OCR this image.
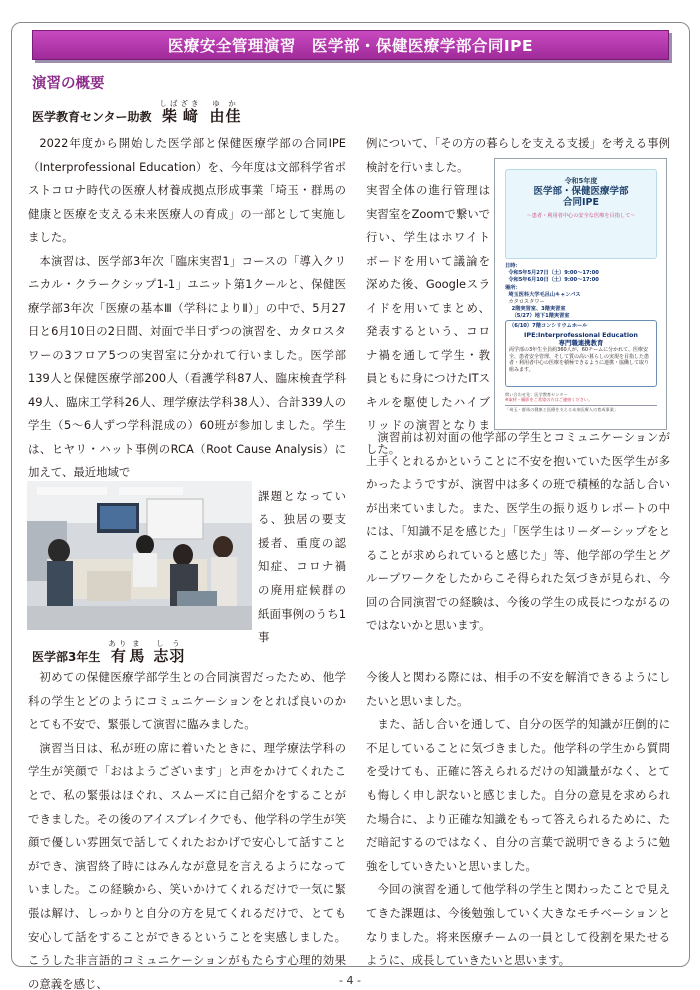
医療安全管理演習　医学部・保健医療学部合同IPE
演習の概要
医学教育センター助教 柴しば
﨑ざき
由ゆ
佳か

2022年度から開始した医学部と保健医療学部の合同IPE（Interprofessional Education）を、今年度は文部科学省ポストコロナ時代の医療人材養成拠点形成事業「埼玉・群馬の健康と医療を支える未来医療人の育成」の一部として実施しました。

本演習は、医学部3年次「臨床実習1」コースの「導入クリニカル・クラークシップ1-1」ユニット第1クールと、保健医療学部3年次「医療の基本Ⅲ（学科によりⅡ）」の中で、5月27日と6月10日の2日間、対面で半日ずつの演習を、カタロスタワーの3フロア5つの実習室に分かれて行いました。医学部139人と保健医療学部200人（看護学科87人、臨床検査学科49人、臨床工学科26人、理学療法学科38人）、合計339人の学生（5～6人ずつ学科混成の）60班が参加しました。学生は、ヒヤリ・ハット事例のRCA（Root Cause Analysis）に加えて、最近地域で

課題となっている、独居の要支援者、重度の認知症、コロナ禍の廃用症候群の紙面事例のうち1事

例について、「その方の暮らしを支える支援」を考える事例検討を行いました。

実習全体の進行管理は実習室をZoomで繋いで行い、学生はホワイトボードを用いて議論を深めた後、Googleスライドを用いてまとめ、発表するという、コロナ禍を通して学生・教員ともに身につけたITスキルを駆使したハイブリッドの演習となりました。

演習前は初対面の他学部の学生とコミュニケーションが上手くとれるかということに不安を抱いていた医学生が多かったようですが、演習中は多くの班で積極的な話し合いが出来ていました。また、医学生の振り返りレポートの中には、「知識不足を感じた」「医学生はリーダーシップをとることが求められていると感じた」等、他学部の学生とグループワークをしたからこそ得られた気づきが見られ、今回の合同演習での経験は、今後の学生の成長につながるのではないかと思います。

令和5年度
医学部・保健医療学部
合同IPE
～患者・利用者中心の安全な医療を目指して～
日時：
令和5年5月27日（土）9:00～17:00
令和5年6月10日（土）9:00～17:00
場所：
埼玉医科大学毛呂山キャンパス
カタロスタワー
2階実習室、3階実習室
（5/27）地下1階実習室
（6/10）7階コンシリウムホール
IPE:Interprofessional Education
専門職連携教育
両学部の3年生全員約360人が、60チームに分かれて、医療安全、患者安全管理、そして質の高い暮らしの実現を目指した患者・利用者中心の医療を積極できるように連携・協働して取り組みます。
問い合わせ先：医学教育センター
※取材・撮影をご希望の方はご連絡ください。
「埼玉・群馬の健康と医療を支える未来医療人の育成事業」
医学部3年生 有あり
馬ま
志し
羽う

初めての保健医療学部学生との合同演習だったため、他学科の学生とどのようにコミュニケーションをとれば良いのかとても不安で、緊張して演習に臨みました。

演習当日は、私が班の席に着いたときに、理学療法学科の学生が笑顔で「おはようございます」と声をかけてくれたことで、私の緊張はほぐれ、スムーズに自己紹介をすることができました。その後のアイスブレイクでも、他学科の学生が笑顔で優しい雰囲気で話してくれたおかげで安心して話すことができ、演習終了時にはみんなが意見を言えるようになっていました。この経験から、笑いかけてくれるだけで一気に緊張は解け、しっかりと自分の方を見てくれるだけで、とても安心して話をすることができるということを実感しました。こうした非言語的コミュニケーションがもたらす心理的効果の意義を感じ、

今後人と関わる際には、相手の不安を解消できるようにしたいと思いました。

また、話し合いを通して、自分の医学的知識が圧倒的に不足していることに気づきました。他学科の学生から質問を受けても、正確に答えられるだけの知識量がなく、とても悔しく申し訳ないと感じました。自分の意見を求められた場合に、より正確な知識をもって答えられるために、ただ暗記するのではなく、自分の言葉で説明できるように勉強をしていきたいと思いました。

今回の演習を通して他学科の学生と関わったことで見えてきた課題は、今後勉強していく大きなモチベーションとなりました。将来医療チームの一員として役割を果たせるように、成長していきたいと思います。

- 4 -
